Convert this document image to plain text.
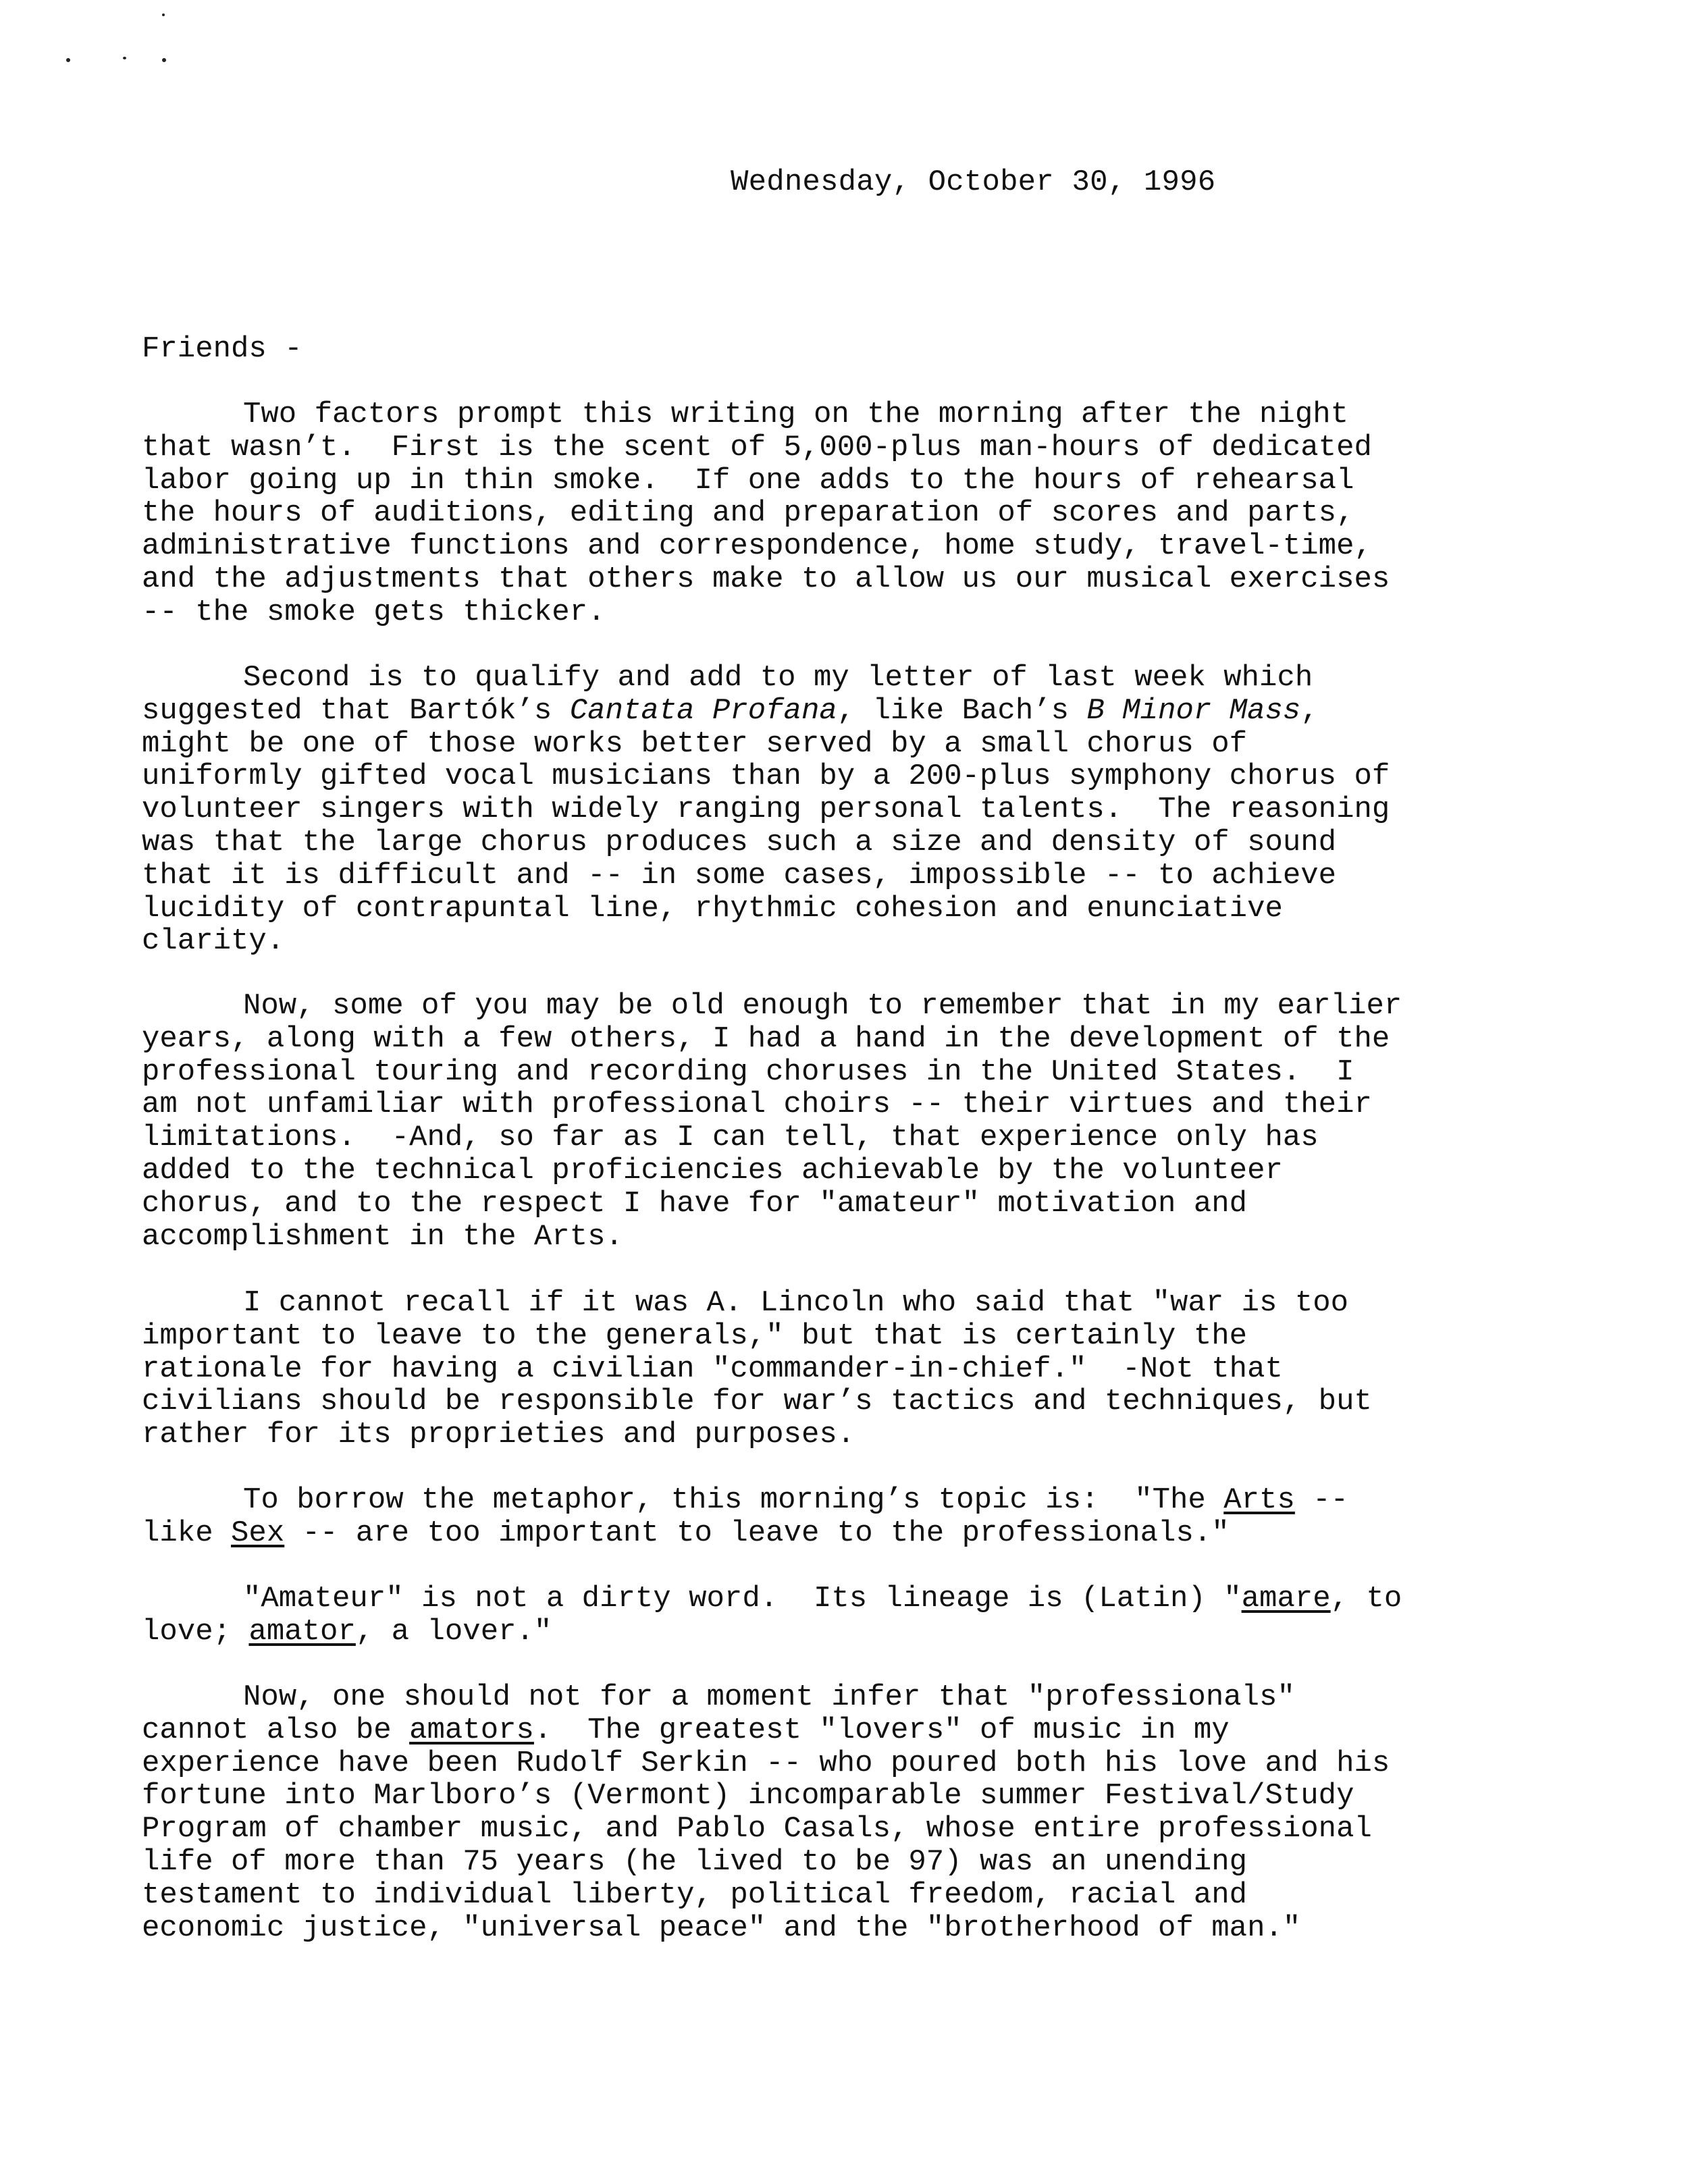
Wednesday, October 30, 1996
Friends -
Two factors prompt this writing on the morning after the night
that wasn’t.  First is the scent of 5,000-plus man-hours of dedicated
labor going up in thin smoke.  If one adds to the hours of rehearsal
the hours of auditions, editing and preparation of scores and parts,
administrative functions and correspondence, home study, travel-time,
and the adjustments that others make to allow us our musical exercises
-- the smoke gets thicker.
Second is to qualify and add to my letter of last week which
suggested that Bartók’s Cantata Profana, like Bach’s B Minor Mass,
might be one of those works better served by a small chorus of
uniformly gifted vocal musicians than by a 200-plus symphony chorus of
volunteer singers with widely ranging personal talents.  The reasoning
was that the large chorus produces such a size and density of sound
that it is difficult and -- in some cases, impossible -- to achieve
lucidity of contrapuntal line, rhythmic cohesion and enunciative
clarity.
Now, some of you may be old enough to remember that in my earlier
years, along with a few others, I had a hand in the development of the
professional touring and recording choruses in the United States.  I
am not unfamiliar with professional choirs -- their virtues and their
limitations.  -And, so far as I can tell, that experience only has
added to the technical proficiencies achievable by the volunteer
chorus, and to the respect I have for "amateur" motivation and
accomplishment in the Arts.
I cannot recall if it was A. Lincoln who said that "war is too
important to leave to the generals," but that is certainly the
rationale for having a civilian "commander-in-chief."  -Not that
civilians should be responsible for war’s tactics and techniques, but
rather for its proprieties and purposes.
To borrow the metaphor, this morning’s topic is:  "The Arts --
like Sex -- are too important to leave to the professionals."
"Amateur" is not a dirty word.  Its lineage is (Latin) "amare, to
love; amator, a lover."
Now, one should not for a moment infer that "professionals"
cannot also be amators.  The greatest "lovers" of music in my
experience have been Rudolf Serkin -- who poured both his love and his
fortune into Marlboro’s (Vermont) incomparable summer Festival/Study
Program of chamber music, and Pablo Casals, whose entire professional
life of more than 75 years (he lived to be 97) was an unending
testament to individual liberty, political freedom, racial and
economic justice, "universal peace" and the "brotherhood of man."
